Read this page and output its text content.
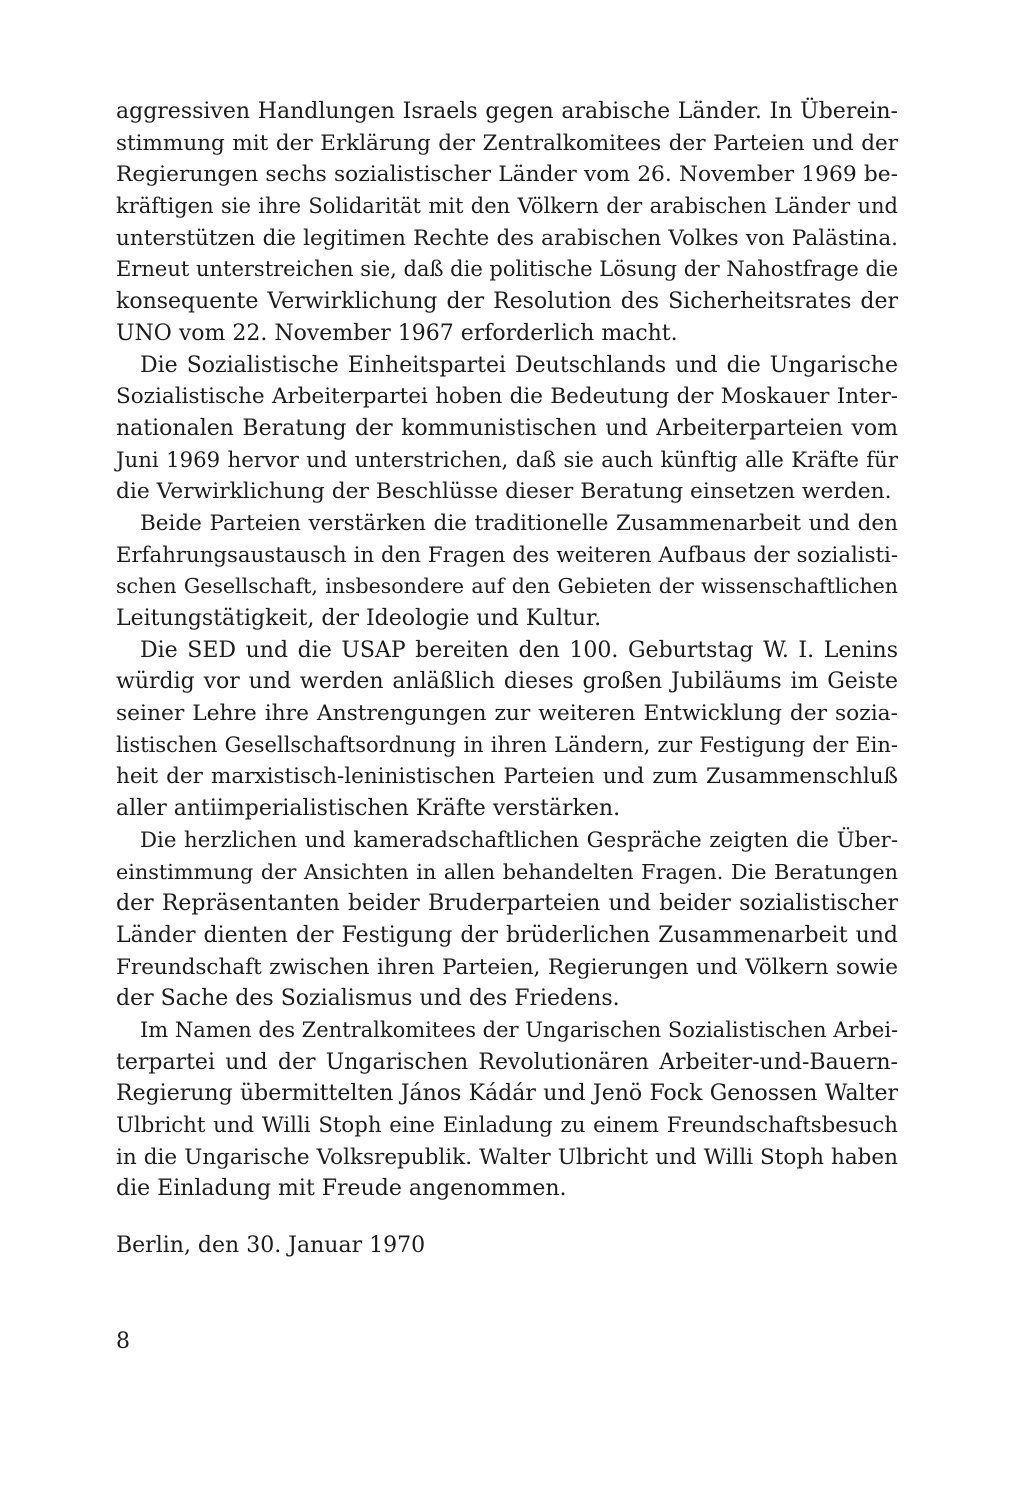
aggressiven Handlungen Israels gegen arabische Länder. In Überein-
stimmung mit der Erklärung der Zentralkomitees der Parteien und der
Regierungen sechs sozialistischer Länder vom 26. November 1969 be-
kräftigen sie ihre Solidarität mit den Völkern der arabischen Länder und
unterstützen die legitimen Rechte des arabischen Volkes von Palästina.
Erneut unterstreichen sie, daß die politische Lösung der Nahostfrage die
konsequente Verwirklichung der Resolution des Sicherheitsrates der
UNO vom 22. November 1967 erforderlich macht.
Die Sozialistische Einheitspartei Deutschlands und die Ungarische
Sozialistische Arbeiterpartei hoben die Bedeutung der Moskauer Inter-
nationalen Beratung der kommunistischen und Arbeiterparteien vom
Juni 1969 hervor und unterstrichen, daß sie auch künftig alle Kräfte für
die Verwirklichung der Beschlüsse dieser Beratung einsetzen werden.
Beide Parteien verstärken die traditionelle Zusammenarbeit und den
Erfahrungsaustausch in den Fragen des weiteren Aufbaus der sozialisti-
schen Gesellschaft, insbesondere auf den Gebieten der wissenschaftlichen
Leitungstätigkeit, der Ideologie und Kultur.
Die SED und die USAP bereiten den 100. Geburtstag W. I. Lenins
würdig vor und werden anläßlich dieses großen Jubiläums im Geiste
seiner Lehre ihre Anstrengungen zur weiteren Entwicklung der sozia-
listischen Gesellschaftsordnung in ihren Ländern, zur Festigung der Ein-
heit der marxistisch-leninistischen Parteien und zum Zusammenschluß
aller antiimperialistischen Kräfte verstärken.
Die herzlichen und kameradschaftlichen Gespräche zeigten die Über-
einstimmung der Ansichten in allen behandelten Fragen. Die Beratungen
der Repräsentanten beider Bruderparteien und beider sozialistischer
Länder dienten der Festigung der brüderlichen Zusammenarbeit und
Freundschaft zwischen ihren Parteien, Regierungen und Völkern sowie
der Sache des Sozialismus und des Friedens.
Im Namen des Zentralkomitees der Ungarischen Sozialistischen Arbei-
terpartei und der Ungarischen Revolutionären Arbeiter-und-Bauern-
Regierung übermittelten János Kádár und Jenö Fock Genossen Walter
Ulbricht und Willi Stoph eine Einladung zu einem Freundschaftsbesuch
in die Ungarische Volksrepublik. Walter Ulbricht und Willi Stoph haben
die Einladung mit Freude angenommen.
Berlin, den 30. Januar 1970
8
